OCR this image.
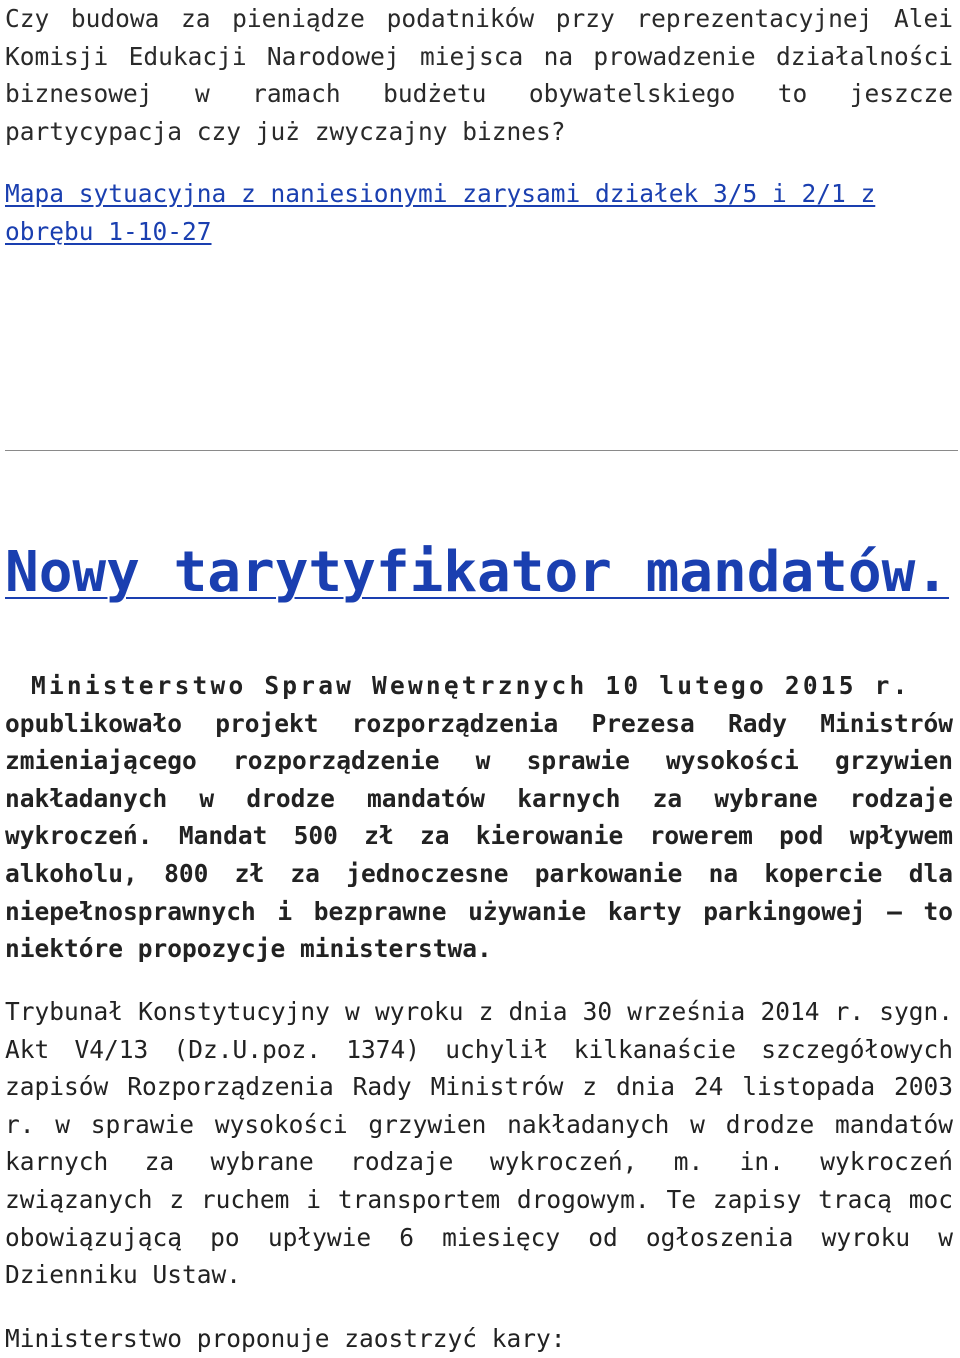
Czy budowa za pieniądze podatników przy reprezentacyjnej Alei Komisji Edukacji Narodowej miejsca na prowadzenie działalności biznesowej w ramach budżetu obywatelskiego to jeszcze partycypacja czy już zwyczajny biznes?

Mapa sytuacyjna z naniesionymi zarysami działek 3/5 i 2/1 z obrębu 1-10-27
Nowy tarytyfikator mandatów.

Ministerstwo Spraw Wewnętrznych 10 lutego 2015 r.
opublikowało projekt rozporządzenia Prezesa Rady Ministrów zmieniającego rozporządzenie w sprawie wysokości grzywien nakładanych w drodze mandatów karnych za wybrane rodzaje wykroczeń. Mandat 500 zł za kierowanie rowerem pod wpływem alkoholu, 800 zł za jednoczesne parkowanie na kopercie dla niepełnosprawnych i bezprawne używanie karty parkingowej – to niektóre propozycje ministerstwa.

Trybunał Konstytucyjny w wyroku z dnia 30 września 2014 r. sygn. Akt V4/13 (Dz.U.poz. 1374) uchylił kilkanaście szczegółowych zapisów Rozporządzenia Rady Ministrów z dnia 24 listopada 2003 r. w sprawie wysokości grzywien nakładanych w drodze mandatów karnych za wybrane rodzaje wykroczeń, m. in. wykroczeń związanych z ruchem i transportem drogowym. Te zapisy tracą moc obowiązującą po upływie 6 miesięcy od ogłoszenia wyroku w Dzienniku Ustaw.

Ministerstwo proponuje zaostrzyć kary:
